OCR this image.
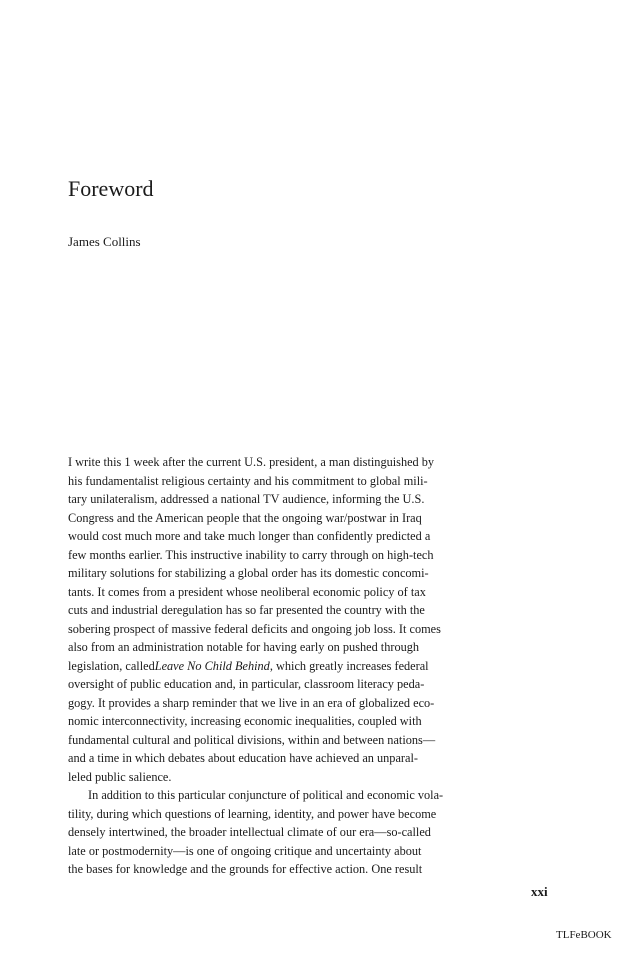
Foreword
James Collins
I write this 1 week after the current U.S. president, a man distinguished by
his fundamentalist religious certainty and his commitment to global mili-
tary unilateralism, addressed a national TV audience, informing the U.S.
Congress and the American people that the ongoing war/postwar in Iraq
would cost much more and take much longer than confidently predicted a
few months earlier. This instructive inability to carry through on high-tech
military solutions for stabilizing a global order has its domestic concomi-
tants. It comes from a president whose neoliberal economic policy of tax
cuts and industrial deregulation has so far presented the country with the
sobering prospect of massive federal deficits and ongoing job loss. It comes
also from an administration notable for having early on pushed through
legislation, calledLeave No Child Behind, which greatly increases federal
oversight of public education and, in particular, classroom literacy peda-
gogy. It provides a sharp reminder that we live in an era of globalized eco-
nomic interconnectivity, increasing economic inequalities, coupled with
fundamental cultural and political divisions, within and between nations—
and a time in which debates about education have achieved an unparal-
leled public salience.
In addition to this particular conjuncture of political and economic vola-
tility, during which questions of learning, identity, and power have become
densely intertwined, the broader intellectual climate of our era—so-called
late or postmodernity—is one of ongoing critique and uncertainty about
the bases for knowledge and the grounds for effective action. One result
xxi
TLFeBOOK
